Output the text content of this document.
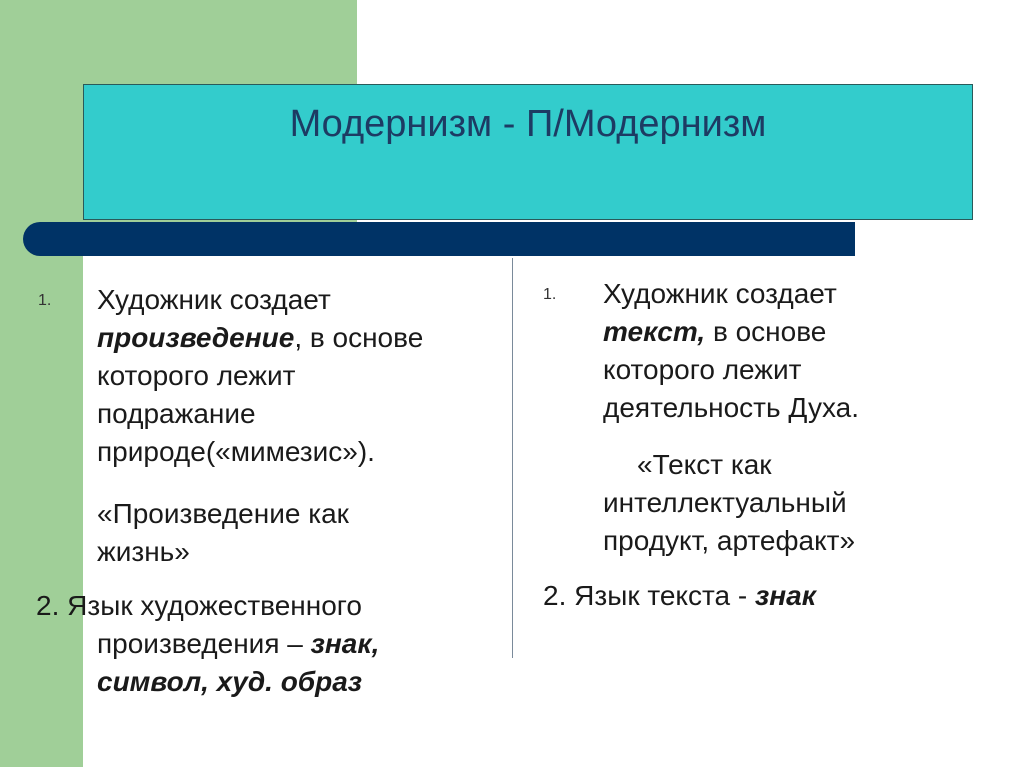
Модернизм - П/Модернизм
1. Художник создает
произведение, в основе
которого лежит
подражание
природе(«мимезис»).
«Произведение как
жизнь»
2. Язык художественного
произведения – знак,
символ, худ. образ
1. Художник создает
текст, в основе
которого лежит
деятельность Духа.
«Текст как
интеллектуальный
продукт, артефакт»
2. Язык текста - знак
